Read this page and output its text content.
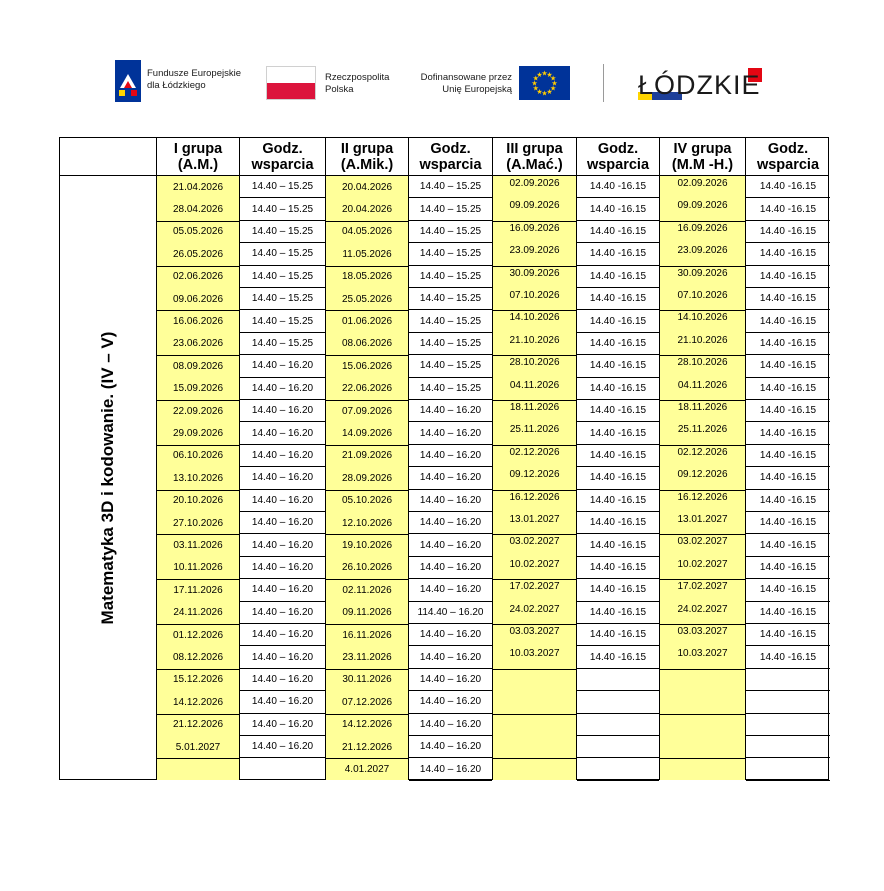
Fundusze Europejskie
dla Łódzkiego
Rzeczpospolita
Polska
Dofinansowane przez
Unię Europejską	★
★
★
★
★
★
★
★
★
★
★
★	ŁÓDZKIE
I grupa
(A.M.)
Godz.
wsparcia
II grupa
(A.Mik.)
Godz.
wsparcia
III grupa
(A.Mać.)
Godz.
wsparcia
IV grupa
(M.M -H.)
Godz.
wsparcia
Matematyka 3D i kodowanie. (IV – V)
21.04.2026
28.04.2026
05.05.2026
26.05.2026
02.06.2026
09.06.2026
16.06.2026
23.06.2026
08.09.2026
15.09.2026
22.09.2026
29.09.2026
06.10.2026
13.10.2026
20.10.2026
27.10.2026
03.11.2026
10.11.2026
17.11.2026
24.11.2026
01.12.2026
08.12.2026
15.12.2026
14.12.2026
21.12.2026
5.01.2027
14.40 – 15.25
14.40 – 15.25
14.40 – 15.25
14.40 – 15.25
14.40 – 15.25
14.40 – 15.25
14.40 – 15.25
14.40 – 15.25
14.40 – 16.20
14.40 – 16.20
14.40 – 16.20
14.40 – 16.20
14.40 – 16.20
14.40 – 16.20
14.40 – 16.20
14.40 – 16.20
14.40 – 16.20
14.40 – 16.20
14.40 – 16.20
14.40 – 16.20
14.40 – 16.20
14.40 – 16.20
14.40 – 16.20
14.40 – 16.20
14.40 – 16.20
14.40 – 16.20
20.04.2026
20.04.2026
04.05.2026
11.05.2026
18.05.2026
25.05.2026
01.06.2026
08.06.2026
15.06.2026
22.06.2026
07.09.2026
14.09.2026
21.09.2026
28.09.2026
05.10.2026
12.10.2026
19.10.2026
26.10.2026
02.11.2026
09.11.2026
16.11.2026
23.11.2026
30.11.2026
07.12.2026
14.12.2026
21.12.2026
4.01.2027
14.40 – 15.25
14.40 – 15.25
14.40 – 15.25
14.40 – 15.25
14.40 – 15.25
14.40 – 15.25
14.40 – 15.25
14.40 – 15.25
14.40 – 15.25
14.40 – 15.25
14.40 – 16.20
14.40 – 16.20
14.40 – 16.20
14.40 – 16.20
14.40 – 16.20
14.40 – 16.20
14.40 – 16.20
14.40 – 16.20
14.40 – 16.20
114.40 – 16.20
14.40 – 16.20
14.40 – 16.20
14.40 – 16.20
14.40 – 16.20
14.40 – 16.20
14.40 – 16.20
14.40 – 16.20
02.09.2026
09.09.2026
16.09.2026
23.09.2026
30.09.2026
07.10.2026
14.10.2026
21.10.2026
28.10.2026
04.11.2026
18.11.2026
25.11.2026
02.12.2026
09.12.2026
16.12.2026
13.01.2027
03.02.2027
10.02.2027
17.02.2027
24.02.2027
03.03.2027
10.03.2027
14.40 -16.15
14.40 -16.15
14.40 -16.15
14.40 -16.15
14.40 -16.15
14.40 -16.15
14.40 -16.15
14.40 -16.15
14.40 -16.15
14.40 -16.15
14.40 -16.15
14.40 -16.15
14.40 -16.15
14.40 -16.15
14.40 -16.15
14.40 -16.15
14.40 -16.15
14.40 -16.15
14.40 -16.15
14.40 -16.15
14.40 -16.15
14.40 -16.15
02.09.2026
09.09.2026
16.09.2026
23.09.2026
30.09.2026
07.10.2026
14.10.2026
21.10.2026
28.10.2026
04.11.2026
18.11.2026
25.11.2026
02.12.2026
09.12.2026
16.12.2026
13.01.2027
03.02.2027
10.02.2027
17.02.2027
24.02.2027
03.03.2027
10.03.2027
14.40 -16.15
14.40 -16.15
14.40 -16.15
14.40 -16.15
14.40 -16.15
14.40 -16.15
14.40 -16.15
14.40 -16.15
14.40 -16.15
14.40 -16.15
14.40 -16.15
14.40 -16.15
14.40 -16.15
14.40 -16.15
14.40 -16.15
14.40 -16.15
14.40 -16.15
14.40 -16.15
14.40 -16.15
14.40 -16.15
14.40 -16.15
14.40 -16.15
